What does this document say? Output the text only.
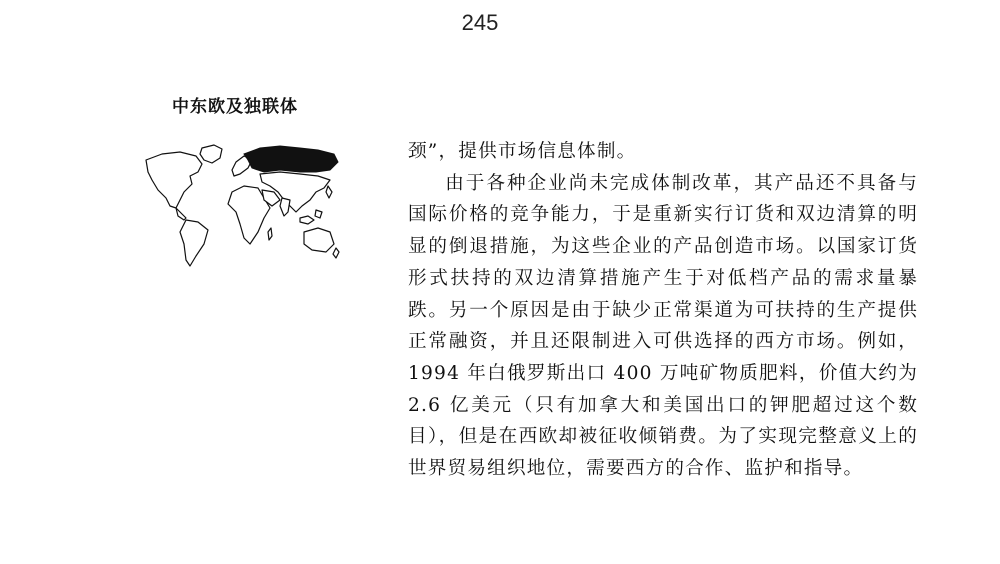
245
中东欧及独联体

颈”，提供市场信息体制。

由于各种企业尚未完成体制改革，其产品还不具备与国际价格的竞争能力，于是重新实行订货和双边清算的明显的倒退措施，为这些企业的产品创造市场。以国家订货形式扶持的双边清算措施产生于对低档产品的需求量暴跌。另一个原因是由于缺少正常渠道为可扶持的生产提供正常融资，并且还限制进入可供选择的西方市场。例如，1994 年白俄罗斯出口 400 万吨矿物质肥料，价值大约为 2.6 亿美元（只有加拿大和美国出口的钾肥超过这个数目），但是在西欧却被征收倾销费。为了实现完整意义上的世界贸易组织地位，需要西方的合作、监护和指导。
